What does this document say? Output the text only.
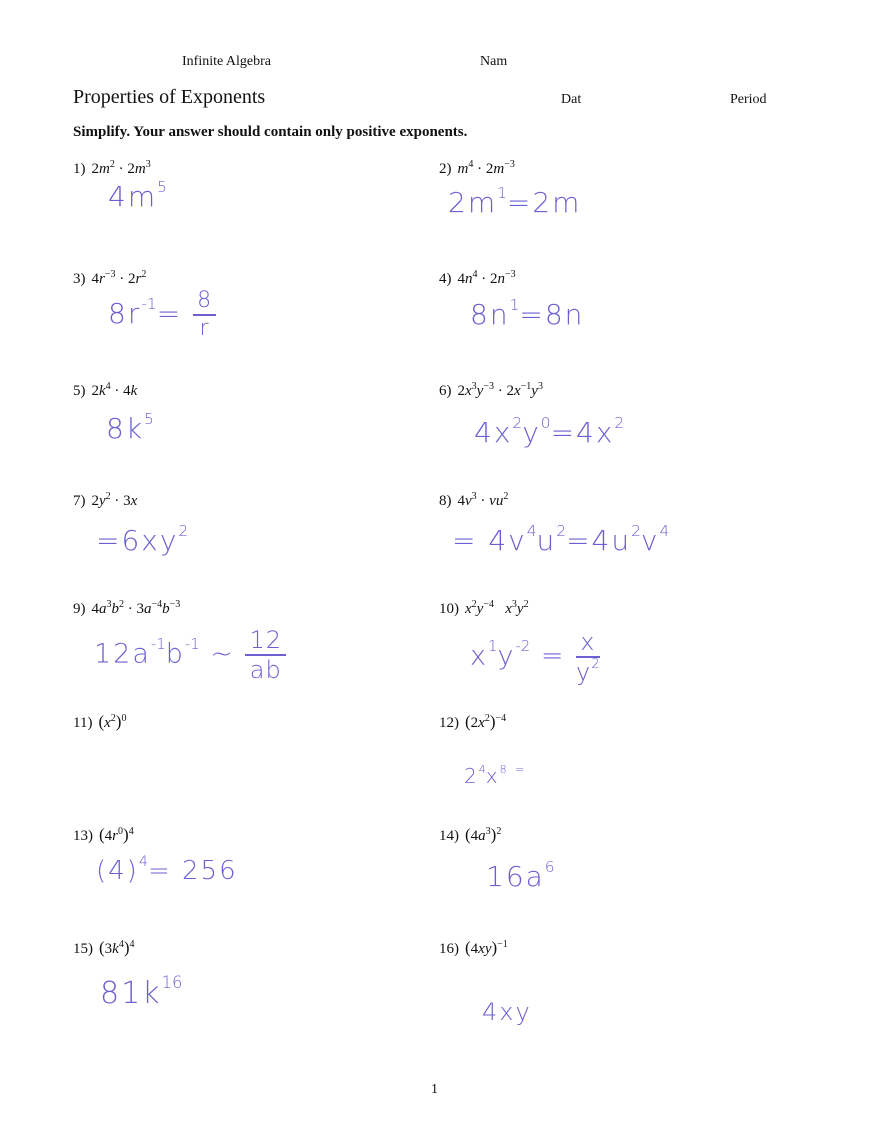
Infinite Algebra	Nam
Properties of Exponents	Dat	Period
Simplify. Your answer should contain only positive exponents.
1) $2m^2 \cdot 2m^3$
$4m^5$
2) $m^4 \cdot 2m^{-3}$
$2m^1=2m$
3) $4r^{-3} \cdot 2r^2$
$8r^{-1}= \frac{8}{r}$
4) $4n^4 \cdot 2n^{-3}$
$8n^1=8n$
5) $2k^4 \cdot 4k$
$8k^5$
6) $2x^3y^{-3} \cdot 2x^{-1}y^3$
$4x^2y^0=4x^2$
7) $2y^2 \cdot 3x$
$=6xy^2$
8) $4v^3 \cdot vu^2$
= $4v^4u^2=4u^2v^4$
9) $4a^3b^2 \cdot 3a^{-4}b^{-3}$
$12a^{-1}b^{-1}$ ~ $\frac{12}{ab}$
10) $x^2y^{-4}$ $x^3y^2$
$x^1y^{-2} = \frac{x}{y^2}$
11) $(x^2)^0$	12) $(2x^2)^{-4}$
$2^4x^8$ =
13) $(4r^0)^4$
$(4)^4= 256$
14) $(4a^3)^2$
$16a^6$
15) $(3k^4)^4$
$81k^{16}$
16) $(4xy)^{-1}$
4xy
1
